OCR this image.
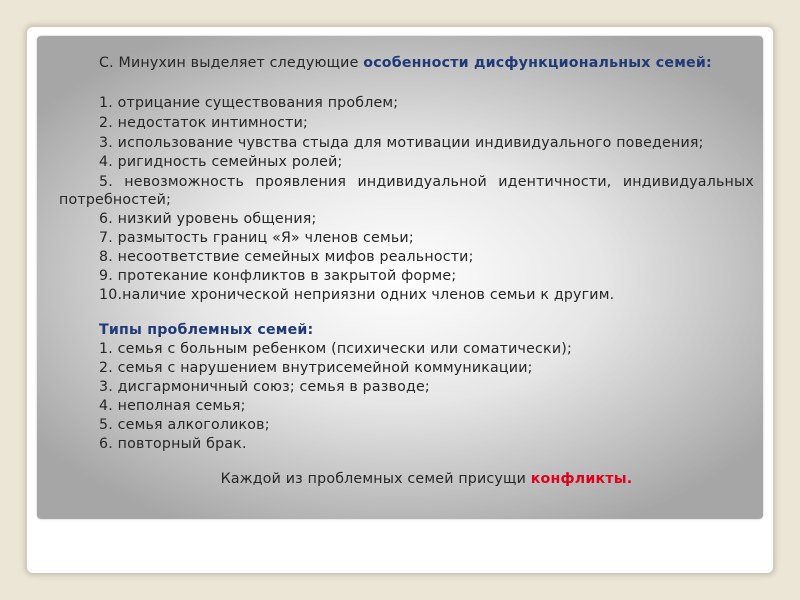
С. Минухин выделяет следующие особенности дисфункциональных семей:
1. отрицание существования проблем;
2. недостаток интимности;
3. использование чувства стыда для мотивации индивидуального поведения;
4. ригидность семейных ролей;
5. невозможность проявления индивидуальной идентичности, индивидуальных
потребностей;
6. низкий уровень общения;
7. размытость границ «Я» членов семьи;
8. несоответствие семейных мифов реальности;
9. протекание конфликтов в закрытой форме;
10.наличие хронической неприязни одних членов семьи к другим.
Типы проблемных семей:
1. семья с больным ребенком (психически или соматически);
2. семья с нарушением внутрисемейной коммуникации;
3. дисгармоничный союз; семья в разводе;
4. неполная семья;
5. семья алкоголиков;
6. повторный брак.
Каждой из проблемных семей присущи конфликты.
